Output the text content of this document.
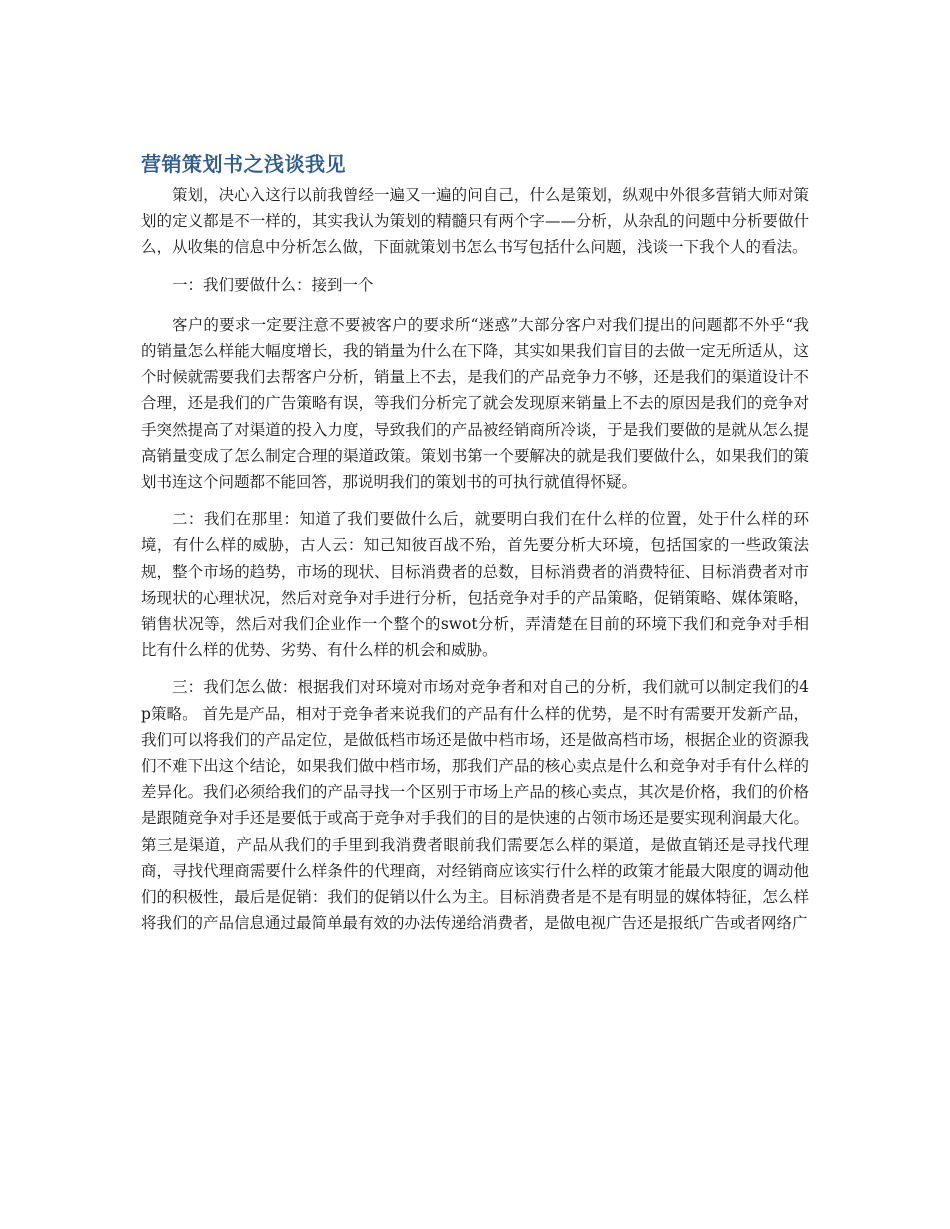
营销策划书之浅谈我见

策划，决心入这行以前我曾经一遍又一遍的问自己，什么是策划，纵观中外很多营销大师对策划的定义都是不一样的，其实我认为策划的精髓只有两个字——分析，从杂乱的问题中分析要做什么，从收集的信息中分析怎么做，下面就策划书怎么书写包括什么问题，浅谈一下我个人的看法。

一：我们要做什么：接到一个

客户的要求一定要注意不要被客户的要求所“迷惑”大部分客户对我们提出的问题都不外乎“我的销量怎么样能大幅度增长，我的销量为什么在下降，其实如果我们盲目的去做一定无所适从，这个时候就需要我们去帮客户分析，销量上不去，是我们的产品竞争力不够，还是我们的渠道设计不合理，还是我们的广告策略有误，等我们分析完了就会发现原来销量上不去的原因是我们的竞争对手突然提高了对渠道的投入力度，导致我们的产品被经销商所冷谈，于是我们要做的是就从怎么提高销量变成了怎么制定合理的渠道政策。策划书第一个要解决的就是我们要做什么，如果我们的策划书连这个问题都不能回答，那说明我们的策划书的可执行就值得怀疑。

二：我们在那里：知道了我们要做什么后，就要明白我们在什么样的位置，处于什么样的环境，有什么样的威胁，古人云：知己知彼百战不殆，首先要分析大环境，包括国家的一些政策法规，整个市场的趋势，市场的现状、目标消费者的总数，目标消费者的消费特征、目标消费者对市场现状的心理状况，然后对竞争对手进行分析，包括竞争对手的产品策略，促销策略、媒体策略，销售状况等，然后对我们企业作一个整个的swot分析，弄清楚在目前的环境下我们和竞争对手相比有什么样的优势、劣势、有什么样的机会和威胁。

三：我们怎么做：根据我们对环境对市场对竞争者和对自己的分析，我们就可以制定我们的4p策略。 首先是产品，相对于竞争者来说我们的产品有什么样的优势，是不时有需要开发新产品，我们可以将我们的产品定位，是做低档市场还是做中档市场，还是做高档市场，根据企业的资源我们不难下出这个结论，如果我们做中档市场，那我们产品的核心卖点是什么和竞争对手有什么样的差异化。我们必须给我们的产品寻找一个区别于市场上产品的核心卖点，其次是价格，我们的价格是跟随竞争对手还是要低于或高于竞争对手我们的目的是快速的占领市场还是要实现利润最大化。第三是渠道，产品从我们的手里到我消费者眼前我们需要怎么样的渠道，是做直销还是寻找代理商，寻找代理商需要什么样条件的代理商，对经销商应该实行什么样的政策才能最大限度的调动他们的积极性，最后是促销：我们的促销以什么为主。目标消费者是不是有明显的媒体特征，怎么样将我们的产品信息通过最简单最有效的办法传递给消费者，是做电视广告还是报纸广告或者网络广
